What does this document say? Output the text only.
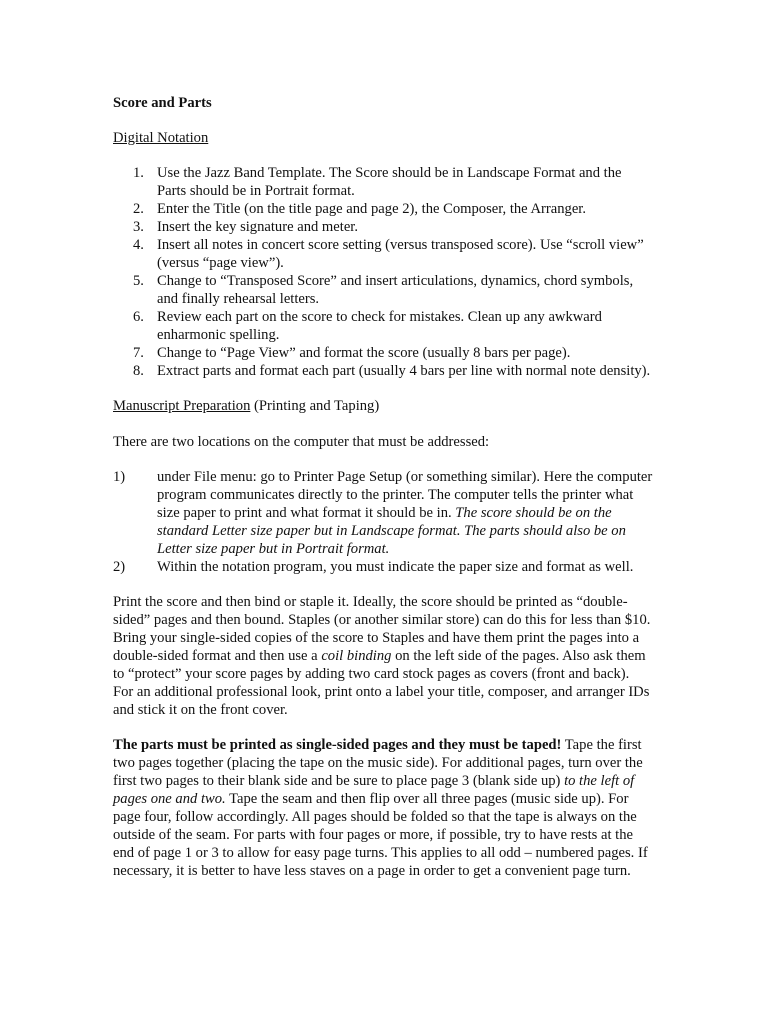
Score and Parts

Digital Notation

1. Use the Jazz Band Template. The Score should be in Landscape Format and the Parts should be in Portrait format.
2. Enter the Title (on the title page and page 2), the Composer, the Arranger.
3. Insert the key signature and meter.
4. Insert all notes in concert score setting (versus transposed score). Use “scroll view” (versus “page view”).
5. Change to “Transposed Score” and insert articulations, dynamics, chord symbols, and finally rehearsal letters.
6. Review each part on the score to check for mistakes. Clean up any awkward enharmonic spelling.
7. Change to “Page View” and format the score (usually 8 bars per page).
8. Extract parts and format each part (usually 4 bars per line with normal note density).

Manuscript Preparation (Printing and Taping)

There are two locations on the computer that must be addressed:

1) under File menu: go to Printer Page Setup (or something similar). Here the computer program communicates directly to the printer. The computer tells the printer what size paper to print and what format it should be in. The score should be on the standard Letter size paper but in Landscape format. The parts should also be on Letter size paper but in Portrait format.
2) Within the notation program, you must indicate the paper size and format as well.

Print the score and then bind or staple it. Ideally, the score should be printed as “double-sided” pages and then bound. Staples (or another similar store) can do this for less than $10. Bring your single-sided copies of the score to Staples and have them print the pages into a double-sided format and then use a coil binding on the left side of the pages. Also ask them to “protect” your score pages by adding two card stock pages as covers (front and back). For an additional professional look, print onto a label your title, composer, and arranger IDs and stick it on the front cover.

The parts must be printed as single-sided pages and they must be taped! Tape the first two pages together (placing the tape on the music side). For additional pages, turn over the first two pages to their blank side and be sure to place page 3 (blank side up) to the left of pages one and two. Tape the seam and then flip over all three pages (music side up). For page four, follow accordingly. All pages should be folded so that the tape is always on the outside of the seam. For parts with four pages or more, if possible, try to have rests at the end of page 1 or 3 to allow for easy page turns. This applies to all odd – numbered pages. If necessary, it is better to have less staves on a page in order to get a convenient page turn.
